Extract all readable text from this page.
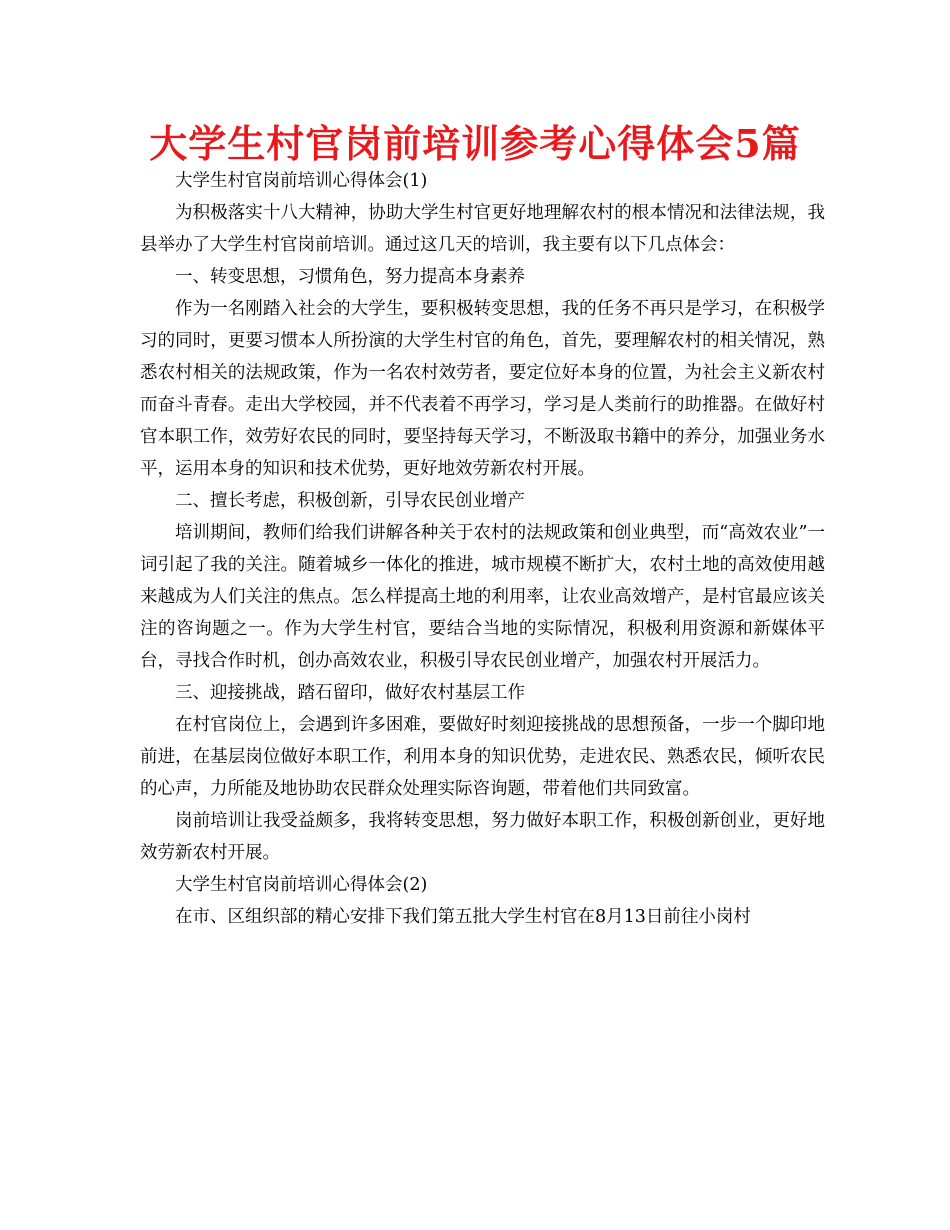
大学生村官岗前培训参考心得体会5篇

大学生村官岗前培训心得体会(1)

为积极落实十八大精神，协助大学生村官更好地理解农村的根本情况和法律法规，我县举办了大学生村官岗前培训。通过这几天的培训，我主要有以下几点体会：

一、转变思想，习惯角色，努力提高本身素养

作为一名刚踏入社会的大学生，要积极转变思想，我的任务不再只是学习，在积极学习的同时，更要习惯本人所扮演的大学生村官的角色，首先，要理解农村的相关情况，熟悉农村相关的法规政策，作为一名农村效劳者，要定位好本身的位置，为社会主义新农村而奋斗青春。走出大学校园，并不代表着不再学习，学习是人类前行的助推器。在做好村官本职工作，效劳好农民的同时，要坚持每天学习，不断汲取书籍中的养分，加强业务水平，运用本身的知识和技术优势，更好地效劳新农村开展。

二、擅长考虑，积极创新，引导农民创业增产

培训期间，教师们给我们讲解各种关于农村的法规政策和创业典型，而“高效农业”一词引起了我的关注。随着城乡一体化的推进，城市规模不断扩大，农村土地的高效使用越来越成为人们关注的焦点。怎么样提高土地的利用率，让农业高效增产，是村官最应该关注的咨询题之一。作为大学生村官，要结合当地的实际情况，积极利用资源和新媒体平台，寻找合作时机，创办高效农业，积极引导农民创业增产，加强农村开展活力。

三、迎接挑战，踏石留印，做好农村基层工作

在村官岗位上，会遇到许多困难，要做好时刻迎接挑战的思想预备，一步一个脚印地前进，在基层岗位做好本职工作，利用本身的知识优势，走进农民、熟悉农民，倾听农民的心声，力所能及地协助农民群众处理实际咨询题，带着他们共同致富。

岗前培训让我受益颇多，我将转变思想，努力做好本职工作，积极创新创业，更好地效劳新农村开展。

大学生村官岗前培训心得体会(2)

在市、区组织部的精心安排下我们第五批大学生村官在8月13日前往小岗村
